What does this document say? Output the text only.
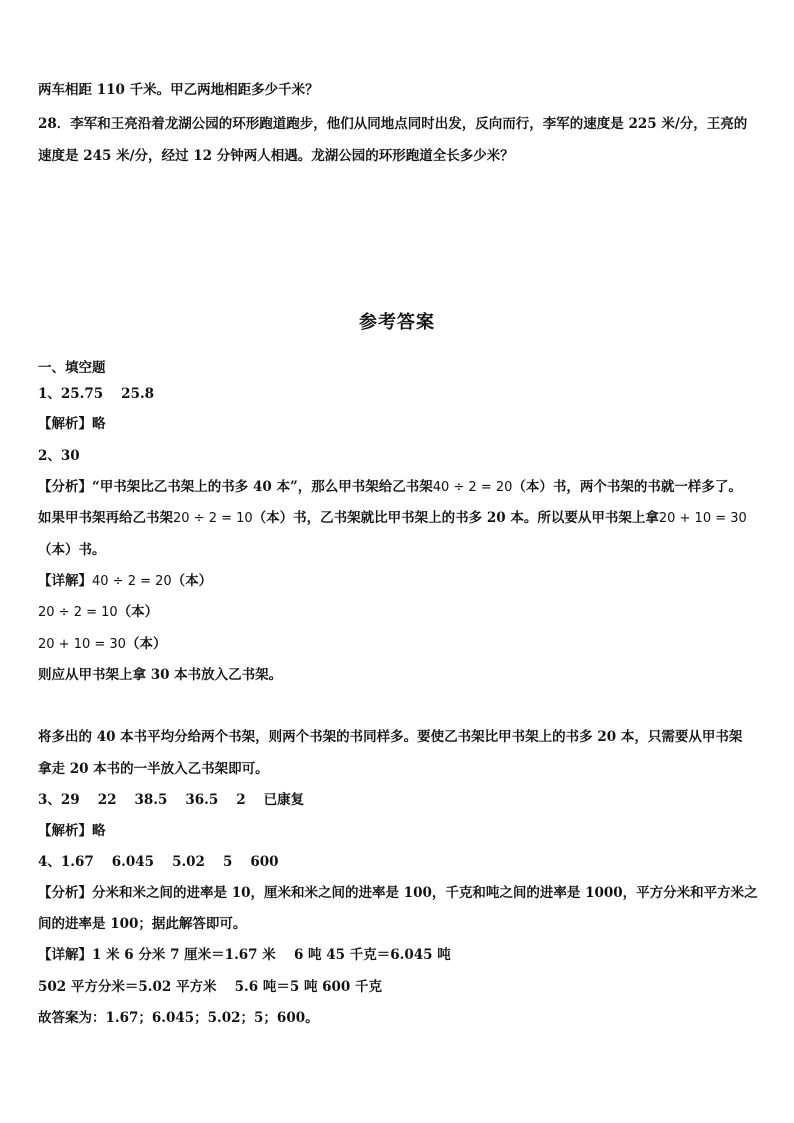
两车相距 110 千米。甲乙两地相距多少千米？
28．李军和王亮沿着龙湖公园的环形跑道跑步，他们从同地点同时出发，反向而行，李军的速度是 225 米/分，王亮的
速度是 245 米/分，经过 12 分钟两人相遇。龙湖公园的环形跑道全长多少米？
参考答案
一、填空题
1、25.75 25.8
【解析】略
2、30
【分析】“甲书架比乙书架上的书多 40 本”，那么甲书架给乙书架40 ÷ 2 = 20（本）书，两个书架的书就一样多了。
如果甲书架再给乙书架20 ÷ 2 = 10（本）书，乙书架就比甲书架上的书多 20 本。所以要从甲书架上拿20 + 10 = 30
（本）书。
【详解】40 ÷ 2 = 20（本）
20 ÷ 2 = 10（本）
20 + 10 = 30（本）
则应从甲书架上拿 30 本书放入乙书架。
将多出的 40 本书平均分给两个书架，则两个书架的书同样多。要使乙书架比甲书架上的书多 20 本，只需要从甲书架
拿走 20 本书的一半放入乙书架即可。
3、29 22 38.5 36.5 2 已康复
【解析】略
4、1.67 6.045 5.02 5 600
【分析】分米和米之间的进率是 10，厘米和米之间的进率是 100，千克和吨之间的进率是 1000，平方分米和平方米之
间的进率是 100；据此解答即可。
【详解】1 米 6 分米 7 厘米＝1.67 米　 6 吨 45 千克＝6.045 吨
502 平方分米＝5.02 平方米　 5.6 吨＝5 吨 600 千克
故答案为：1.67；6.045；5.02；5；600。
